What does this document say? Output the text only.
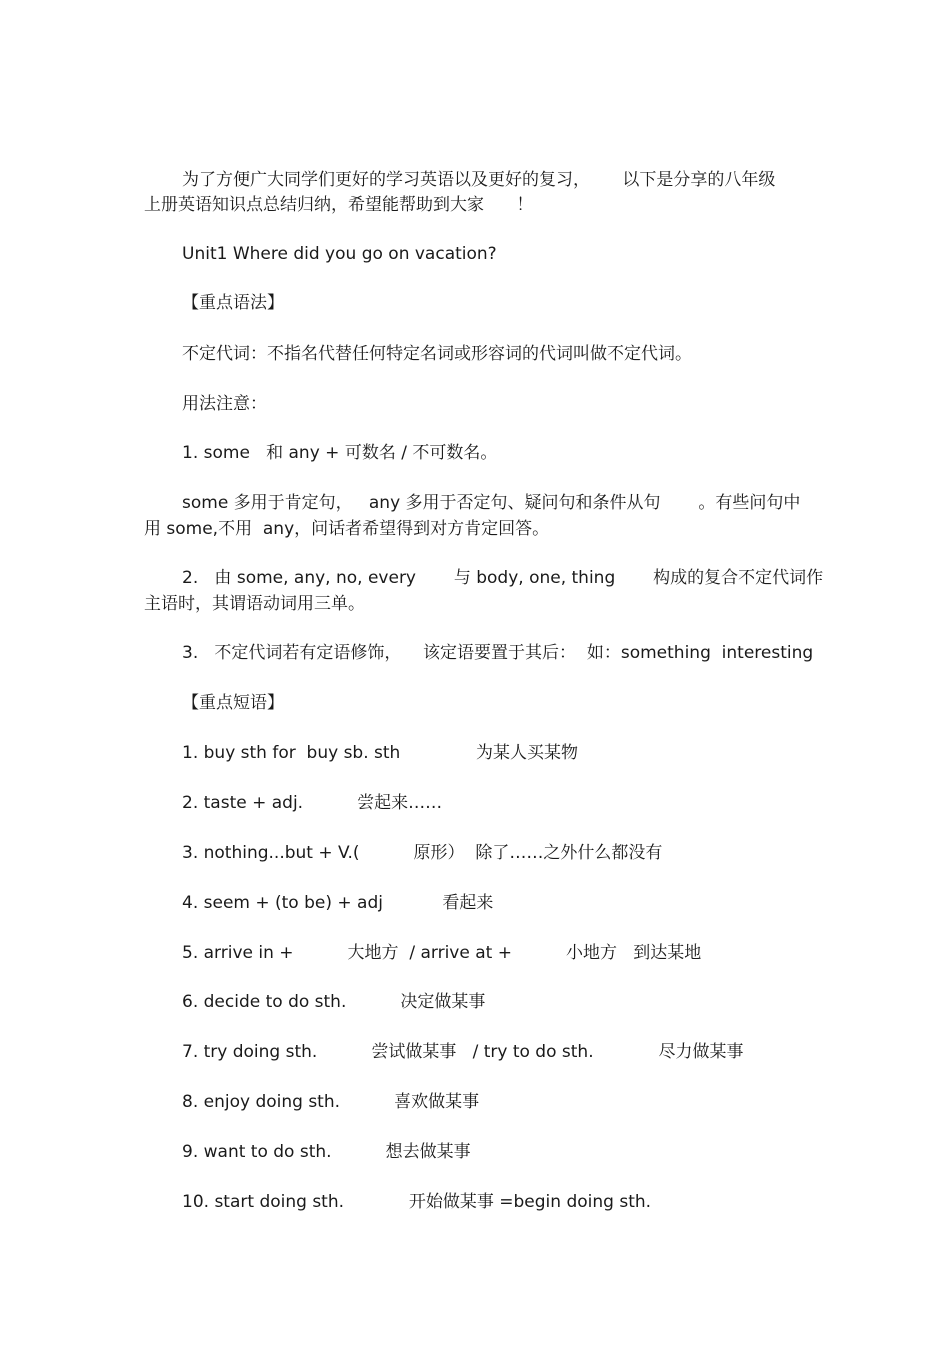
为了方便广大同学们更好的学习英语以及更好的复习，      以下是分享的八年级
上册英语知识点总结归纳，希望能帮助到大家      ！
Unit1 Where did you go on vacation?
【重点语法】
不定代词：不指名代替任何特定名词或形容词的代词叫做不定代词。
用法注意：
1. some   和 any + 可数名 / 不可数名。
some 多用于肯定句，   any 多用于否定句、疑问句和条件从句       。有些问句中
用 some,不用  any，问话者希望得到对方肯定回答。
2.   由 some, any, no, every       与 body, one, thing       构成的复合不定代词作
主语时，其谓语动词用三单。
3.   不定代词若有定语修饰，    该定语要置于其后：  如：something  interesting
【重点短语】
1. buy sth for  buy sb. sth              为某人买某物
2. taste + adj.          尝起来……
3. nothing...but + V.(          原形）  除了……之外什么都没有
4. seem + (to be) + adj           看起来
5. arrive in +          大地方  / arrive at +          小地方   到达某地
6. decide to do sth.          决定做某事
7. try doing sth.          尝试做某事   / try to do sth.            尽力做某事
8. enjoy doing sth.          喜欢做某事
9. want to do sth.          想去做某事
10. start doing sth.            开始做某事 =begin doing sth.
